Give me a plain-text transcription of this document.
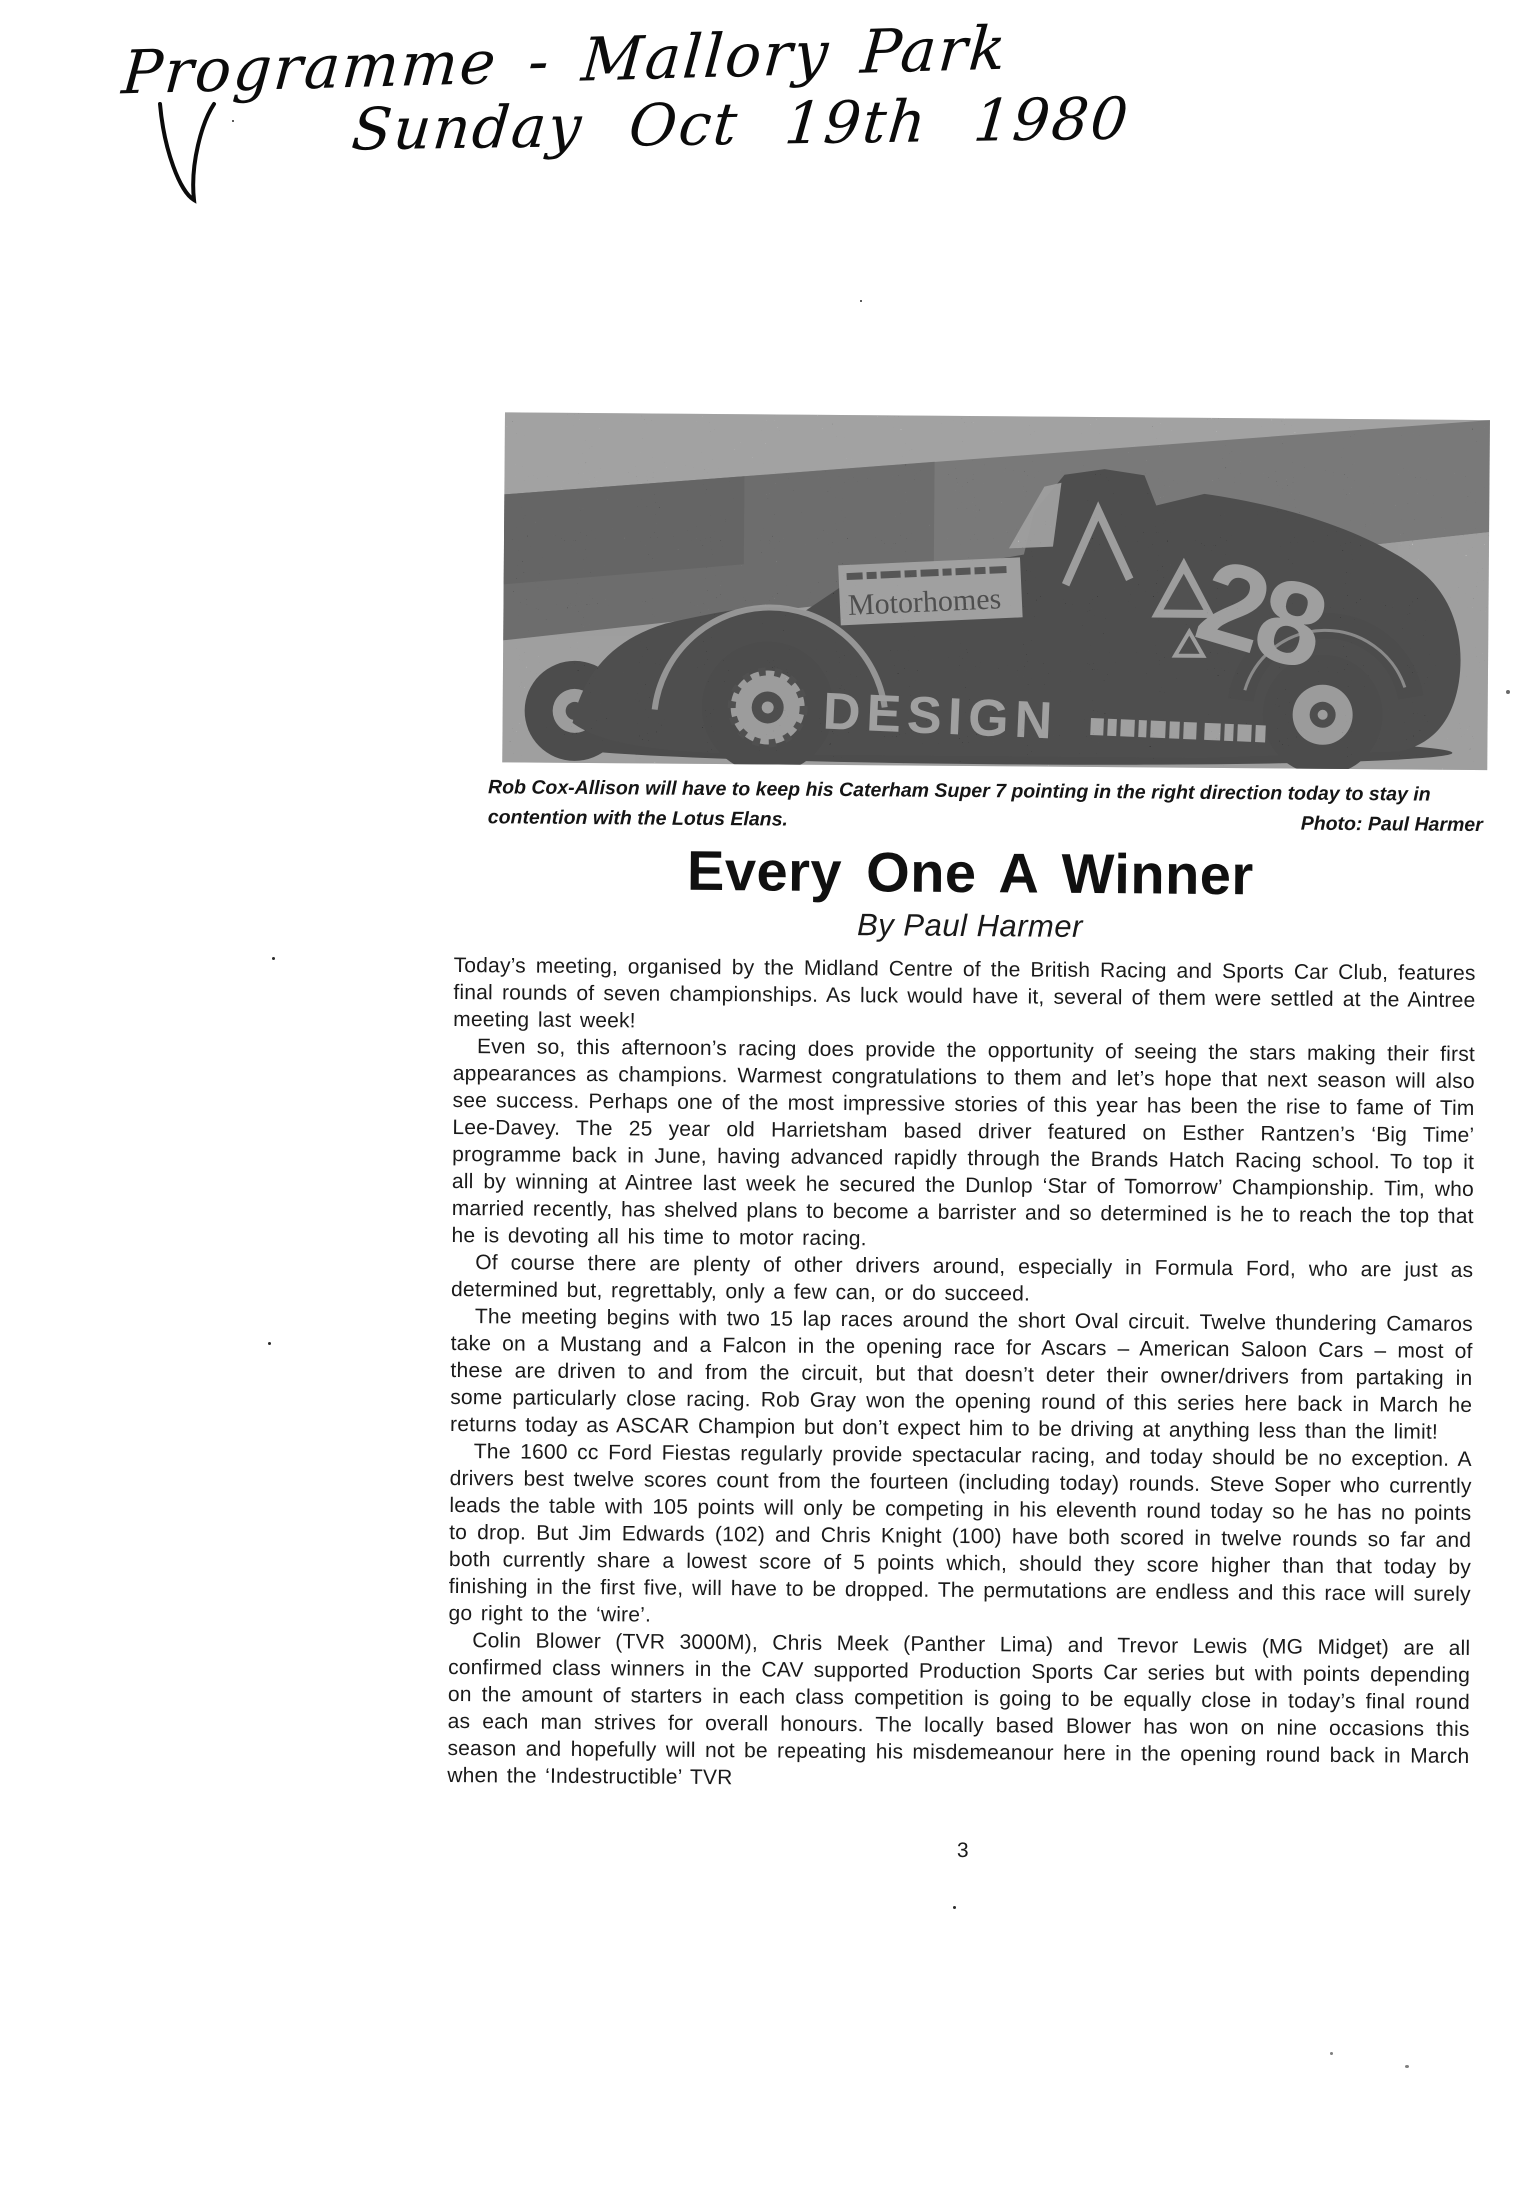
Programme - Mallory Park
Sunday Oct 19th 1980
Rob Cox-Allison will have to keep his Caterham Super 7 pointing in the right direction today to stay in contention with the Lotus Elans.	Photo: Paul Harmer
Every One A Winner
By Paul Harmer

Today’s meeting, organised by the Midland Centre of the British Racing and Sports Car Club, features final rounds of seven championships. As luck would have it, several of them were settled at the Aintree meeting last week!

Even so, this afternoon’s racing does provide the opportunity of seeing the stars making their first appearances as champions. Warmest congratulations to them and let’s hope that next season will also see success. Perhaps one of the most impressive stories of this year has been the rise to fame of Tim Lee-Davey. The 25 year old Harrietsham based driver featured on Esther Rantzen’s ‘Big Time’ programme back in June, having advanced rapidly through the Brands Hatch Racing school. To top it all by winning at Aintree last week he secured the Dunlop ‘Star of Tomorrow’ Championship. Tim, who married recently, has shelved plans to become a barrister and so determined is he to reach the top that he is devoting all his time to motor racing.

Of course there are plenty of other drivers around, especially in Formula Ford, who are just as determined but, regrettably, only a few can, or do succeed.

The meeting begins with two 15 lap races around the short Oval circuit. Twelve thundering Camaros take on a Mustang and a Falcon in the opening race for Ascars – American Saloon Cars – most of these are driven to and from the circuit, but that doesn’t deter their owner/drivers from partaking in some particularly close racing. Rob Gray won the opening round of this series here back in March he returns today as ASCAR Champion but don’t expect him to be driving at anything less than the limit!

The 1600 cc Ford Fiestas regularly provide spectacular racing, and today should be no exception. A drivers best twelve scores count from the fourteen (including today) rounds. Steve Soper who currently leads the table with 105 points will only be competing in his eleventh round today so he has no points to drop. But Jim Edwards (102) and Chris Knight (100) have both scored in twelve rounds so far and both currently share a lowest score of 5 points which, should they score higher than that today by finishing in the first five, will have to be dropped. The permutations are endless and this race will surely go right to the ‘wire’.

Colin Blower (TVR 3000M), Chris Meek (Panther Lima) and Trevor Lewis (MG Midget) are all confirmed class winners in the CAV supported Production Sports Car series but with points depending on the amount of starters in each class competition is going to be equally close in today’s final round as each man strives for overall honours. The locally based Blower has won on nine occasions this season and hopefully will not be repeating his misdemeanour here in the opening round back in March when the ‘Indestructible’ TVR

3
